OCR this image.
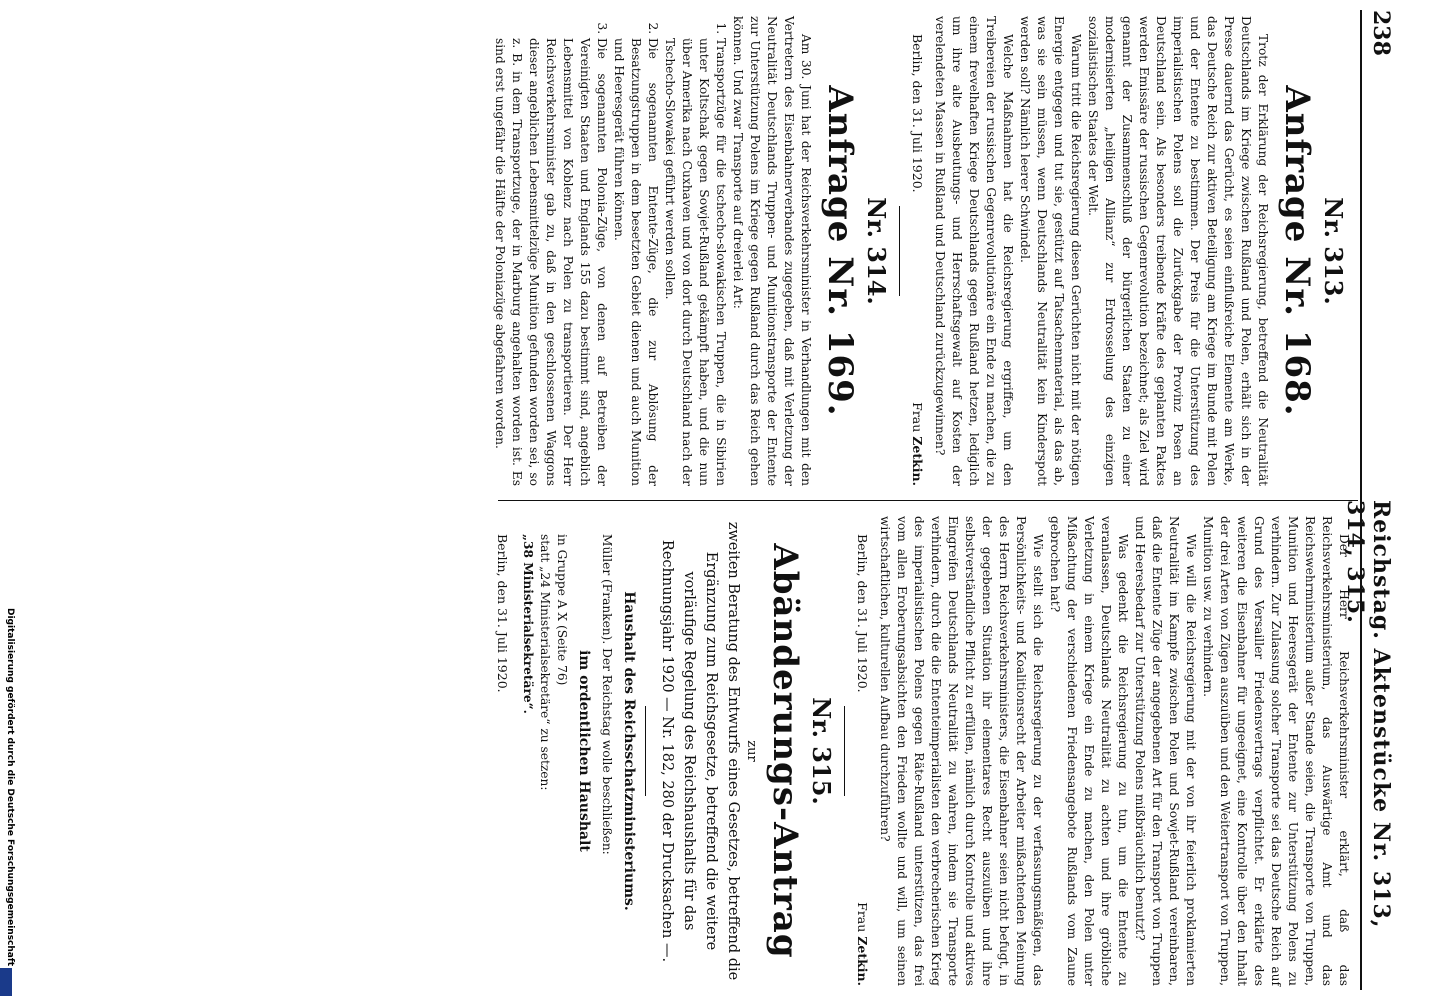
238
Reichstag. Aktenstücke Nr. 313, 314, 315.
Nr. 313.
Anfrage Nr. 168.

Trotz der Erklärung der Reichsregierung, betreffend die Neutralität Deutschlands im Kriege zwischen Rußland und Polen, erhält sich in der Presse dauernd das Gerücht, es seien einflußreiche Elemente am Werke, das Deutsche Reich zur aktiven Beteiligung am Kriege im Bunde mit Polen und der Entente zu bestimmen. Der Preis für die Unterstützung des imperialistischen Polens soll die Zurückgabe der Provinz Posen an Deutschland sein. Als besonders treibende Kräfte des geplanten Paktes werden Emissäre der russischen Gegenrevolution bezeichnet; als Ziel wird genannt der Zusammenschluß der bürgerlichen Staaten zu einer modernisierten „heiligen Allianz“ zur Erdrosselung des einzigen sozialistischen Staates der Welt.

Warum tritt die Reichsregierung diesen Gerüchten nicht mit der nötigen Energie entgegen und tut sie, gestützt auf Tatsachenmaterial, als das ab, was sie sein müssen, wenn Deutschlands Neutralität kein Kinderspott werden soll? Nämlich leerer Schwindel.

Welche Maßnahmen hat die Reichsregierung ergriffen, um den Treibereien der russischen Gegenrevolutionäre ein Ende zu machen, die zu einem frevelhaften Kriege Deutschlands gegen Rußland hetzen, lediglich um ihre alte Ausbeutungs- und Herrschaftsgewalt auf Kosten der verelendeten Massen in Rußland und Deutschland zurückzugewinnen?

Berlin, den 31. Juli 1920.
Frau Zetkin.
Nr. 314.
Anfrage Nr. 169.

Am 30. Juni hat der Reichsverkehrsminister in Verhandlungen mit den Vertretern des Eisenbahnerverbandes zugegeben, daß mit Verletzung der Neutralität Deutschlands Truppen- und Munitionstransporte der Entente zur Unterstützung Polens im Kriege gegen Rußland durch das Reich gehen können. Und zwar Transporte auf dreierlei Art:

1. Transportzüge für die tschecho-slowakischen Truppen, die in Sibirien unter Koltschak gegen Sowjet-Rußland gekämpft haben, und die nun über Amerika nach Cuxhaven und von dort durch Deutschland nach der Tschecho-Slowakei geführt werden sollen.
2. Die sogenannten Entente-Züge, die zur Ablösung der Besatzungstruppen in dem besetzten Gebiet dienen und auch Munition und Heeresgerät führen können.
3. Die sogenannten Polonia-Züge, von denen auf Betreiben der Vereinigten Staaten und Englands 155 dazu bestimmt sind, angeblich Lebensmittel von Koblenz nach Polen zu transportieren. Der Herr Reichsverkehrsminister gab zu, daß in den geschlossenen Waggons dieser angeblichen Lebensmittelzüge Munition gefunden worden sei, so z. B. in dem Transportzuge, der in Marburg angehalten worden ist. Es sind erst ungefähr die Hälfte der Poloniazüge abgefahren worden.

Der Herr Reichsverkehrsminister erklärt, daß das Reichsverkehrsministerium, das Auswärtige Amt und das Reichswehrministerium außer Stande seien, die Transporte von Truppen, Munition und Heeresgerät der Entente zur Unterstützung Polens zu verhindern. Zur Zulassung solcher Transporte sei das Deutsche Reich auf Grund des Versailler Friedensvertrags verpflichtet. Er erklärte des weiteren die Eisenbahner für ungeeignet, eine Kontrolle über den Inhalt der drei Arten von Zügen auszuüben und den Weitertransport von Truppen, Munition usw. zu verhindern.

Wie will die Reichsregierung mit der von ihr feierlich proklamierten Neutralität im Kampfe zwischen Polen und Sowjet-Rußland vereinbaren, daß die Entente Züge der angegebenen Art für den Transport von Truppen und Heeresbedarf zur Unterstützung Polens mißbräuchlich benutzt?

Was gedenkt die Reichsregierung zu tun, um die Entente zu veranlassen, Deutschlands Neutralität zu achten und ihre gröbliche Verletzung in einem Kriege ein Ende zu machen, den Polen unter Mißachtung der verschiedenen Friedensangebote Rußlands vom Zaune gebrochen hat?

Wie stellt sich die Reichsregierung zu der verfassungsmäßigen, das Persönlichkeits- und Koalitionsrecht der Arbeiter mißachtenden Meinung des Herrn Reichsverkehrsministers, die Eisenbahner seien nicht befugt, in der gegebenen Situation ihr elementares Recht auszuüben und ihre selbstverständliche Pflicht zu erfüllen, nämlich durch Kontrolle und aktives Eingreifen Deutschlands Neutralität zu wahren, indem sie Transporte verhindern, durch die die Ententeimperialisten den verbrecherischen Krieg des imperialistischen Polens gegen Räte-Rußland unterstützen, das frei vom allen Eroberungsabsichten den Frieden wollte und will, um seinen wirtschaftlichen, kulturellen Aufbau durchzuführen?

Berlin, den 31. Juli 1920.
Frau Zetkin.
Nr. 315.
Abänderungs-Antrag
zur

zweiten Beratung des Entwurfs eines Gesetzes, betreffend die Ergänzung zum Reichsgesetze, betreffend die weitere vorläufige Regelung des Reichshaushalts für das Rechnungsjahr 1920 — Nr. 182, 280 der Drucksachen —.

Haushalt des Reichsschatzministeriums.

Müller (Franken). Der Reichstag wolle beschließen:

im ordentlichen Haushalt

in Gruppe A X (Seite 76)

statt „24 Ministerialsekretäre“ zu setzen:

„38 Ministerialsekretäre“.

Berlin, den 31. Juli 1920.

Digitalisierung gefördert durch die Deutsche Forschungsgemeinschaft
